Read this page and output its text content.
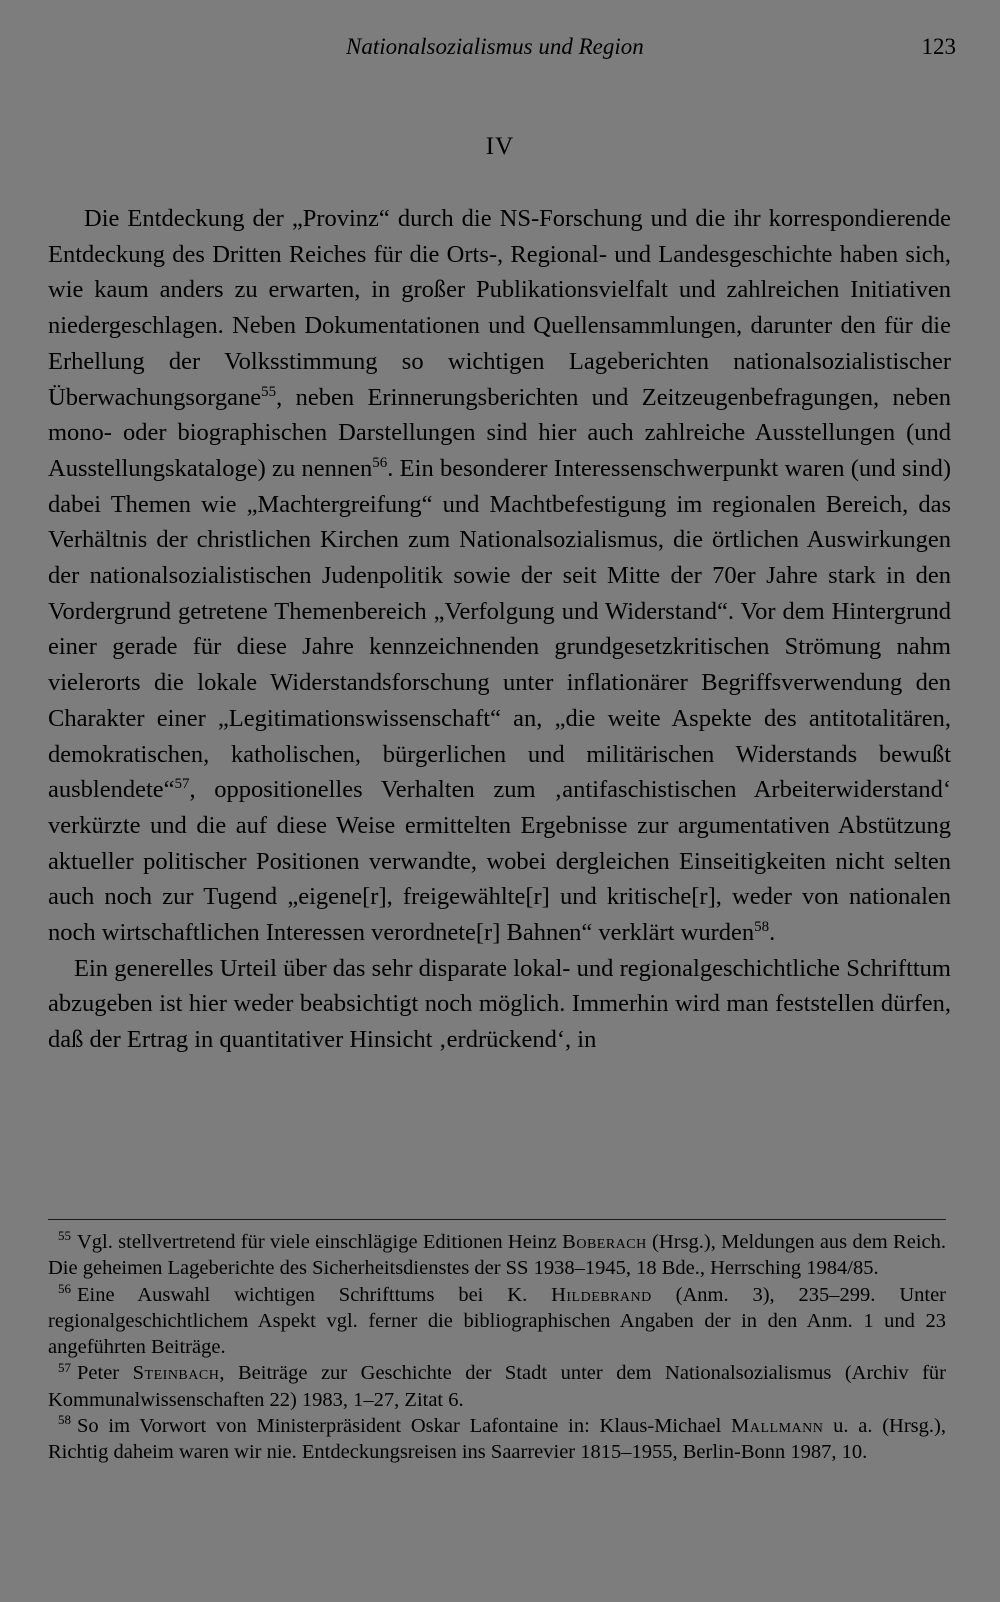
Nationalsozialismus und Region	123
IV

Die Entdeckung der „Provinz“ durch die NS-Forschung und die ihr korrespondierende Entdeckung des Dritten Reiches für die Orts-, Regional- und Landesgeschichte haben sich, wie kaum anders zu erwarten, in großer Publikationsvielfalt und zahlreichen Initiativen niedergeschlagen. Neben Dokumentationen und Quellensammlungen, darunter den für die Erhellung der Volksstimmung so wichtigen Lageberichten nationalsozialistischer Überwachungsorgane$^{55}$, neben Erinnerungsberichten und Zeitzeugenbefragungen, neben mono- oder biographischen Darstellungen sind hier auch zahlreiche Ausstellungen (und Ausstellungskataloge) zu nennen$^{56}$. Ein besonderer Interessenschwerpunkt waren (und sind) dabei Themen wie „Machtergreifung“ und Machtbefestigung im regionalen Bereich, das Verhältnis der christlichen Kirchen zum Nationalsozialismus, die örtlichen Auswirkungen der nationalsozialistischen Judenpolitik sowie der seit Mitte der 70er Jahre stark in den Vordergrund getretene Themenbereich „Verfolgung und Widerstand“. Vor dem Hintergrund einer gerade für diese Jahre kennzeichnenden grundgesetzkritischen Strömung nahm vielerorts die lokale Widerstandsforschung unter inflationärer Begriffsverwendung den Charakter einer „Legitimationswissenschaft“ an, „die weite Aspekte des antitotalitären, demokratischen, katholischen, bürgerlichen und militärischen Widerstands bewußt ausblendete“$^{57}$, oppositionelles Verhalten zum ‚antifaschistischen Arbeiterwiderstand‘ verkürzte und die auf diese Weise ermittelten Ergebnisse zur argumentativen Abstützung aktueller politischer Positionen verwandte, wobei dergleichen Einseitigkeiten nicht selten auch noch zur Tugend „eigene[r], freigewählte[r] und kritische[r], weder von nationalen noch wirtschaftlichen Interessen verordnete[r] Bahnen“ verklärt wurden$^{58}$.

Ein generelles Urteil über das sehr disparate lokal- und regionalgeschichtliche Schrifttum abzugeben ist hier weder beabsichtigt noch möglich. Immerhin wird man feststellen dürfen, daß der Ertrag in quantitativer Hinsicht ‚erdrückend‘, in

$^{55}$ Vgl. stellvertretend für viele einschlägige Editionen Heinz Boberach (Hrsg.), Meldungen aus dem Reich. Die geheimen Lageberichte des Sicherheitsdienstes der SS 1938–1945, 18 Bde., Herrsching 1984/85.

$^{56}$ Eine Auswahl wichtigen Schrifttums bei K. Hildebrand (Anm. 3), 235–299. Unter regionalgeschichtlichem Aspekt vgl. ferner die bibliographischen Angaben der in den Anm. 1 und 23 angeführten Beiträge.

$^{57}$ Peter Steinbach, Beiträge zur Geschichte der Stadt unter dem Nationalsozialismus (Archiv für Kommunalwissenschaften 22) 1983, 1–27, Zitat 6.

$^{58}$ So im Vorwort von Ministerpräsident Oskar Lafontaine in: Klaus-Michael Mallmann u. a. (Hrsg.), Richtig daheim waren wir nie. Entdeckungsreisen ins Saarrevier 1815–1955, Berlin-Bonn 1987, 10.
